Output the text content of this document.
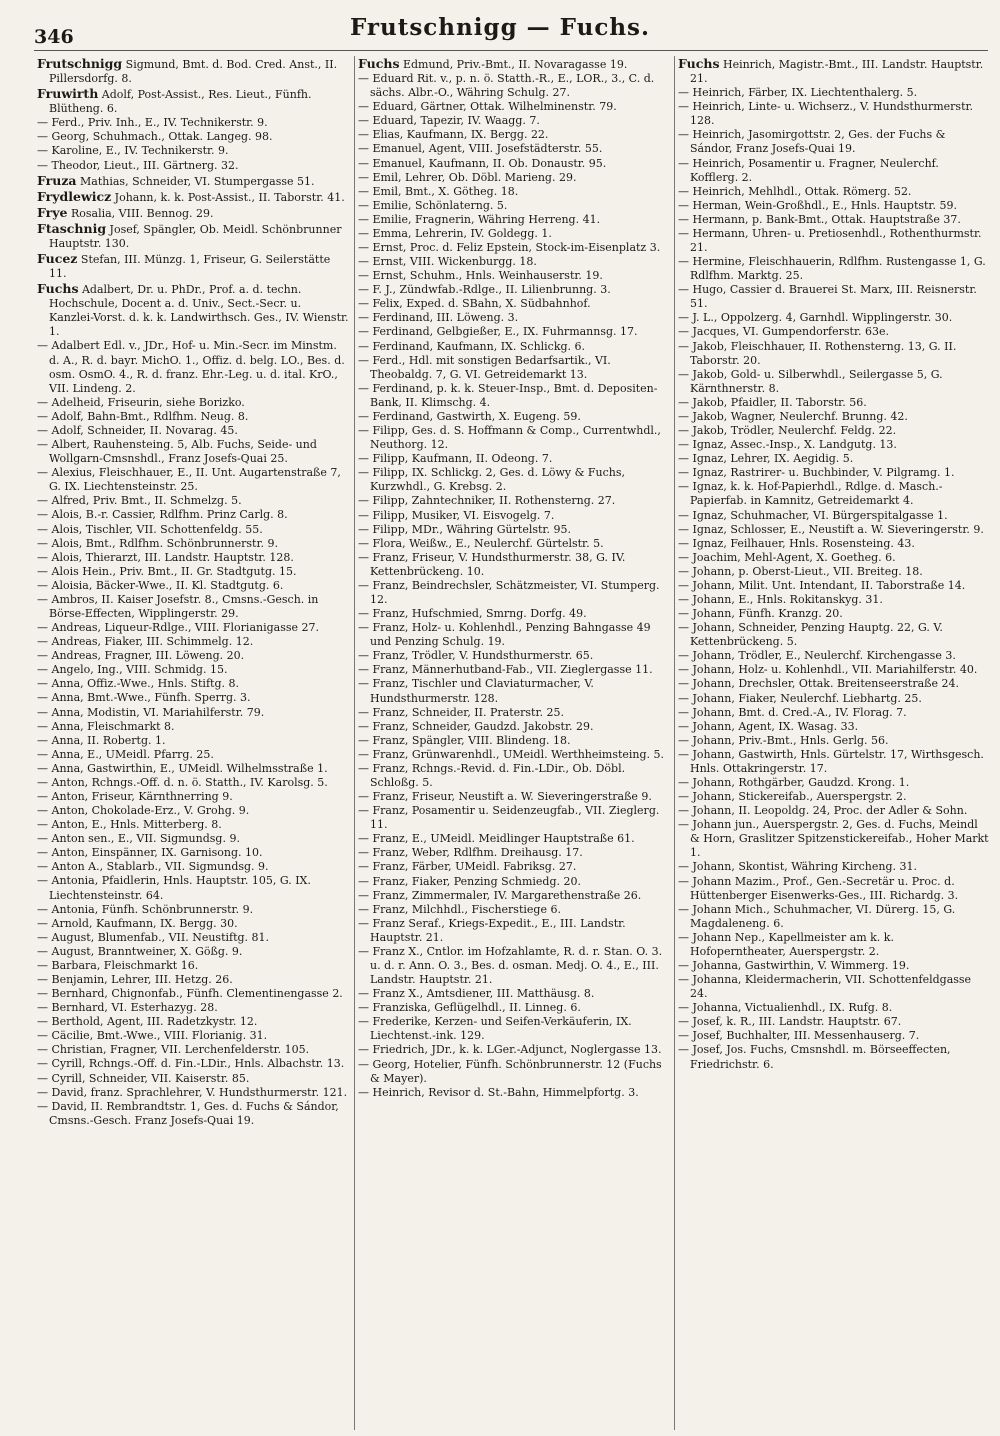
346	Frutschnigg — Fuchs.

Frutschnigg Sigmund, Bmt. d. Bod. Cred. Anst., II. Pillersdorfg. 8.

Fruwirth Adolf, Post-Assist., Res. Lieut., Fünfh. Blütheng. 6.

— Ferd., Priv. Inh., E., IV. Technikerstr. 9.

— Georg, Schuhmach., Ottak. Langeg. 98.

— Karoline, E., IV. Technikerstr. 9.

— Theodor, Lieut., III. Gärtnerg. 32.

Fruza Mathias, Schneider, VI. Stumpergasse 51.

Frydlewicz Johann, k. k. Post-Assist., II. Taborstr. 41.

Frye Rosalia, VIII. Bennog. 29.

Ftaschnig Josef, Spängler, Ob. Meidl. Schönbrunner Hauptstr. 130.

Fucez Stefan, III. Münzg. 1, Friseur, G. Seilerstätte 11.

Fuchs Adalbert, Dr. u. PhDr., Prof. a. d. techn. Hochschule, Docent a. d. Univ., Sect.-Secr. u. Kanzlei-Vorst. d. k. k. Landwirthsch. Ges., IV. Wienstr. 1.

— Adalbert Edl. v., JDr., Hof- u. Min.-Secr. im Minstm. d. A., R. d. bayr. MichO. 1., Offiz. d. belg. LO., Bes. d. osm. OsmO. 4., R. d. franz. Ehr.-Leg. u. d. ital. KrO., VII. Lindeng. 2.

— Adelheid, Friseurin, siehe Borizko.

— Adolf, Bahn-Bmt., Rdlfhm. Neug. 8.

— Adolf, Schneider, II. Novarag. 45.

— Albert, Rauhensteing. 5, Alb. Fuchs, Seide- und Wollgarn-Cmsnshdl., Franz Josefs-Quai 25.

— Alexius, Fleischhauer, E., II. Unt. Augartenstraße 7, G. IX. Liechtensteinstr. 25.

— Alfred, Priv. Bmt., II. Schmelzg. 5.

— Alois, B.-r. Cassier, Rdlfhm. Prinz Carlg. 8.

— Alois, Tischler, VII. Schottenfeldg. 55.

— Alois, Bmt., Rdlfhm. Schönbrunnerstr. 9.

— Alois, Thierarzt, III. Landstr. Hauptstr. 128.

— Alois Hein., Priv. Bmt., II. Gr. Stadtgutg. 15.

— Aloisia, Bäcker-Wwe., II. Kl. Stadtgutg. 6.

— Ambros, II. Kaiser Josefstr. 8., Cmsns.-Gesch. in Börse-Effecten, Wipplingerstr. 29.

— Andreas, Liqueur-Rdlge., VIII. Florianigasse 27.

— Andreas, Fiaker, III. Schimmelg. 12.

— Andreas, Fragner, III. Löweng. 20.

— Angelo, Ing., VIII. Schmidg. 15.

— Anna, Offiz.-Wwe., Hnls. Stiftg. 8.

— Anna, Bmt.-Wwe., Fünfh. Sperrg. 3.

— Anna, Modistin, VI. Mariahilferstr. 79.

— Anna, Fleischmarkt 8.

— Anna, II. Robertg. 1.

— Anna, E., UMeidl. Pfarrg. 25.

— Anna, Gastwirthin, E., UMeidl. Wilhelmsstraße 1.

— Anton, Rchngs.-Off. d. n. ö. Statth., IV. Karolsg. 5.

— Anton, Friseur, Kärnthnerring 9.

— Anton, Chokolade-Erz., V. Grohg. 9.

— Anton, E., Hnls. Mitterberg. 8.

— Anton sen., E., VII. Sigmundsg. 9.

— Anton, Einspänner, IX. Garnisong. 10.

— Anton A., Stablarb., VII. Sigmundsg. 9.

— Antonia, Pfaidlerin, Hnls. Hauptstr. 105, G. IX. Liechtensteinstr. 64.

— Antonia, Fünfh. Schönbrunnerstr. 9.

— Arnold, Kaufmann, IX. Bergg. 30.

— August, Blumenfab., VII. Neustiftg. 81.

— August, Branntweiner, X. Gößg. 9.

— Barbara, Fleischmarkt 16.

— Benjamin, Lehrer, III. Hetzg. 26.

— Bernhard, Chignonfab., Fünfh. Clementinengasse 2.

— Bernhard, VI. Esterhazyg. 28.

— Berthold, Agent, III. Radetzkystr. 12.

— Cäcilie, Bmt.-Wwe., VIII. Florianig. 31.

— Christian, Fragner, VII. Lerchenfelderstr. 105.

— Cyrill, Rchngs.-Off. d. Fin.-LDir., Hnls. Albachstr. 13.

— Cyrill, Schneider, VII. Kaiserstr. 85.

— David, franz. Sprachlehrer, V. Hundsthurmerstr. 121.

— David, II. Rembrandtstr. 1, Ges. d. Fuchs & Sándor, Cmsns.-Gesch. Franz Josefs-Quai 19.

Fuchs Edmund, Priv.-Bmt., II. Novaragasse 19.

— Eduard Rit. v., p. n. ö. Statth.-R., E., LOR., 3., C. d. sächs. Albr.-O., Währing Schulg. 27.

— Eduard, Gärtner, Ottak. Wilhelminenstr. 79.

— Eduard, Tapezir, IV. Waagg. 7.

— Elias, Kaufmann, IX. Bergg. 22.

— Emanuel, Agent, VIII. Josefstädterstr. 55.

— Emanuel, Kaufmann, II. Ob. Donaustr. 95.

— Emil, Lehrer, Ob. Döbl. Marieng. 29.

— Emil, Bmt., X. Götheg. 18.

— Emilie, Schönlaterng. 5.

— Emilie, Fragnerin, Währing Herreng. 41.

— Emma, Lehrerin, IV. Goldegg. 1.

— Ernst, Proc. d. Feliz Epstein, Stock-im-Eisenplatz 3.

— Ernst, VIII. Wickenburgg. 18.

— Ernst, Schuhm., Hnls. Weinhauserstr. 19.

— F. J., Zündwfab.-Rdlge., II. Lilienbrunng. 3.

— Felix, Exped. d. SBahn, X. Südbahnhof.

— Ferdinand, III. Löweng. 3.

— Ferdinand, Gelbgießer, E., IX. Fuhrmannsg. 17.

— Ferdinand, Kaufmann, IX. Schlickg. 6.

— Ferd., Hdl. mit sonstigen Bedarfsartik., VI. Theobaldg. 7, G. VI. Getreidemarkt 13.

— Ferdinand, p. k. k. Steuer-Insp., Bmt. d. Depositen-Bank, II. Klimschg. 4.

— Ferdinand, Gastwirth, X. Eugeng. 59.

— Filipp, Ges. d. S. Hoffmann & Comp., Currentwhdl., Neuthorg. 12.

— Filipp, Kaufmann, II. Odeong. 7.

— Filipp, IX. Schlickg. 2, Ges. d. Löwy & Fuchs, Kurzwhdl., G. Krebsg. 2.

— Filipp, Zahntechniker, II. Rothensterng. 27.

— Filipp, Musiker, VI. Eisvogelg. 7.

— Filipp, MDr., Währing Gürtelstr. 95.

— Flora, Weißw., E., Neulerchf. Gürtelstr. 5.

— Franz, Friseur, V. Hundsthurmerstr. 38, G. IV. Kettenbrückeng. 10.

— Franz, Beindrechsler, Schätzmeister, VI. Stumperg. 12.

— Franz, Hufschmied, Smrng. Dorfg. 49.

— Franz, Holz- u. Kohlenhdl., Penzing Bahngasse 49 und Penzing Schulg. 19.

— Franz, Trödler, V. Hundsthurmerstr. 65.

— Franz, Männerhutband-Fab., VII. Zieglergasse 11.

— Franz, Tischler und Claviaturmacher, V. Hundsthurmerstr. 128.

— Franz, Schneider, II. Praterstr. 25.

— Franz, Schneider, Gaudzd. Jakobstr. 29.

— Franz, Spängler, VIII. Blindeng. 18.

— Franz, Grünwarenhdl., UMeidl. Werthheimsteing. 5.

— Franz, Rchngs.-Revid. d. Fin.-LDir., Ob. Döbl. Schloßg. 5.

— Franz, Friseur, Neustift a. W. Sieveringerstraße 9.

— Franz, Posamentir u. Seidenzeugfab., VII. Zieglerg. 11.

— Franz, E., UMeidl. Meidlinger Hauptstraße 61.

— Franz, Weber, Rdlfhm. Dreihausg. 17.

— Franz, Färber, UMeidl. Fabriksg. 27.

— Franz, Fiaker, Penzing Schmiedg. 20.

— Franz, Zimmermaler, IV. Margarethenstraße 26.

— Franz, Milchhdl., Fischerstiege 6.

— Franz Seraf., Kriegs-Expedit., E., III. Landstr. Hauptstr. 21.

— Franz X., Cntlor. im Hofzahlamte, R. d. r. Stan. O. 3. u. d. r. Ann. O. 3., Bes. d. osman. Medj. O. 4., E., III. Landstr. Hauptstr. 21.

— Franz X., Amtsdiener, III. Matthäusg. 8.

— Franziska, Geflügelhdl., II. Linneg. 6.

— Frederike, Kerzen- und Seifen-Verkäuferin, IX. Liechtenst.-ink. 129.

— Friedrich, JDr., k. k. LGer.-Adjunct, Noglergasse 13.

— Georg, Hotelier, Fünfh. Schönbrunnerstr. 12 (Fuchs & Mayer).

— Heinrich, Revisor d. St.-Bahn, Himmelpfortg. 3.

Fuchs Heinrich, Magistr.-Bmt., III. Landstr. Hauptstr. 21.

— Heinrich, Färber, IX. Liechtenthalerg. 5.

— Heinrich, Linte- u. Wichserz., V. Hundsthurmerstr. 128.

— Heinrich, Jasomirgottstr. 2, Ges. der Fuchs & Sándor, Franz Josefs-Quai 19.

— Heinrich, Posamentir u. Fragner, Neulerchf. Kofflerg. 2.

— Heinrich, Mehlhdl., Ottak. Römerg. 52.

— Herman, Wein-Großhdl., E., Hnls. Hauptstr. 59.

— Hermann, p. Bank-Bmt., Ottak. Hauptstraße 37.

— Hermann, Uhren- u. Pretiosenhdl., Rothenthurmstr. 21.

— Hermine, Fleischhauerin, Rdlfhm. Rustengasse 1, G. Rdlfhm. Marktg. 25.

— Hugo, Cassier d. Brauerei St. Marx, III. Reisnerstr. 51.

— J. L., Oppolzerg. 4, Garnhdl. Wipplingerstr. 30.

— Jacques, VI. Gumpendorferstr. 63e.

— Jakob, Fleischhauer, II. Rothensterng. 13, G. II. Taborstr. 20.

— Jakob, Gold- u. Silberwhdl., Seilergasse 5, G. Kärnthnerstr. 8.

— Jakob, Pfaidler, II. Taborstr. 56.

— Jakob, Wagner, Neulerchf. Brunng. 42.

— Jakob, Trödler, Neulerchf. Feldg. 22.

— Ignaz, Assec.-Insp., X. Landgutg. 13.

— Ignaz, Lehrer, IX. Aegidig. 5.

— Ignaz, Rastrirer- u. Buchbinder, V. Pilgramg. 1.

— Ignaz, k. k. Hof-Papierhdl., Rdlge. d. Masch.-Papierfab. in Kamnitz, Getreidemarkt 4.

— Ignaz, Schuhmacher, VI. Bürgerspitalgasse 1.

— Ignaz, Schlosser, E., Neustift a. W. Sieveringerstr. 9.

— Ignaz, Feilhauer, Hnls. Rosensteing. 43.

— Joachim, Mehl-Agent, X. Goetheg. 6.

— Johann, p. Oberst-Lieut., VII. Breiteg. 18.

— Johann, Milit. Unt. Intendant, II. Taborstraße 14.

— Johann, E., Hnls. Rokitanskyg. 31.

— Johann, Fünfh. Kranzg. 20.

— Johann, Schneider, Penzing Hauptg. 22, G. V. Kettenbrückeng. 5.

— Johann, Trödler, E., Neulerchf. Kirchengasse 3.

— Johann, Holz- u. Kohlenhdl., VII. Mariahilferstr. 40.

— Johann, Drechsler, Ottak. Breitenseerstraße 24.

— Johann, Fiaker, Neulerchf. Liebhartg. 25.

— Johann, Bmt. d. Cred.-A., IV. Florag. 7.

— Johann, Agent, IX. Wasag. 33.

— Johann, Priv.-Bmt., Hnls. Gerlg. 56.

— Johann, Gastwirth, Hnls. Gürtelstr. 17, Wirthsgesch. Hnls. Ottakringerstr. 17.

— Johann, Rothgärber, Gaudzd. Krong. 1.

— Johann, Stickereifab., Auerspergstr. 2.

— Johann, II. Leopoldg. 24, Proc. der Adler & Sohn.

— Johann jun., Auerspergstr. 2, Ges. d. Fuchs, Meindl & Horn, Graslitzer Spitzenstickereifab., Hoher Markt 1.

— Johann, Skontist, Währing Kircheng. 31.

— Johann Mazim., Prof., Gen.-Secretär u. Proc. d. Hüttenberger Eisenwerks-Ges., III. Richardg. 3.

— Johann Mich., Schuhmacher, VI. Dürerg. 15, G. Magdaleneng. 6.

— Johann Nep., Kapellmeister am k. k. Hofoperntheater, Auerspergstr. 2.

— Johanna, Gastwirthin, V. Wimmerg. 19.

— Johanna, Kleidermacherin, VII. Schottenfeldgasse 24.

— Johanna, Victualienhdl., IX. Rufg. 8.

— Josef, k. R., III. Landstr. Hauptstr. 67.

— Josef, Buchhalter, III. Messenhauserg. 7.

— Josef, Jos. Fuchs, Cmsnshdl. m. Börseeffecten, Friedrichstr. 6.
